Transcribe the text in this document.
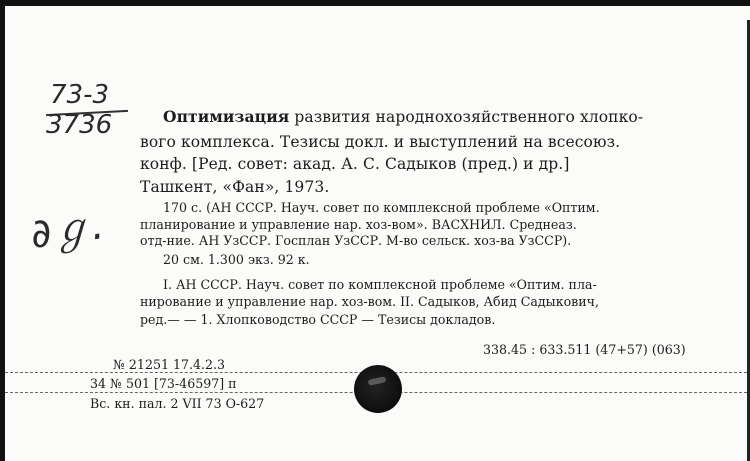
73-3
3736
∂ℊ.

Оптимизация развития народнохозяйственного хлопко-

вого комплекса. Тезисы докл. и выступлений на всесоюз.

конф. [Ред. совет: акад. А. С. Садыков (пред.) и др.]

Ташкент, «Фан», 1973.

170 с. (АН СССР. Науч. совет по комплексной проблеме «Оптим.

планирование и управление нар. хоз-вом». ВАСХНИЛ. Среднеаз.

отд-ние. АН УзССР. Госплан УзССР. М-во сельск. хоз-ва УзССР).

20 см. 1.300 экз. 92 к.

I. АН СССР. Науч. совет по комплексной проблеме «Оптим. пла-

нирование и управление нар. хоз-вом. II. Садыков, Абид Садыкович,

ред.— — 1. Хлопководство СССР — Тезисы докладов.

338.45 : 633.511 (47+57) (063)

№ 21251 17.4.2.3

34 № 501 [73-46597] п

Вс. кн. пал. 2 VII 73 О-627
